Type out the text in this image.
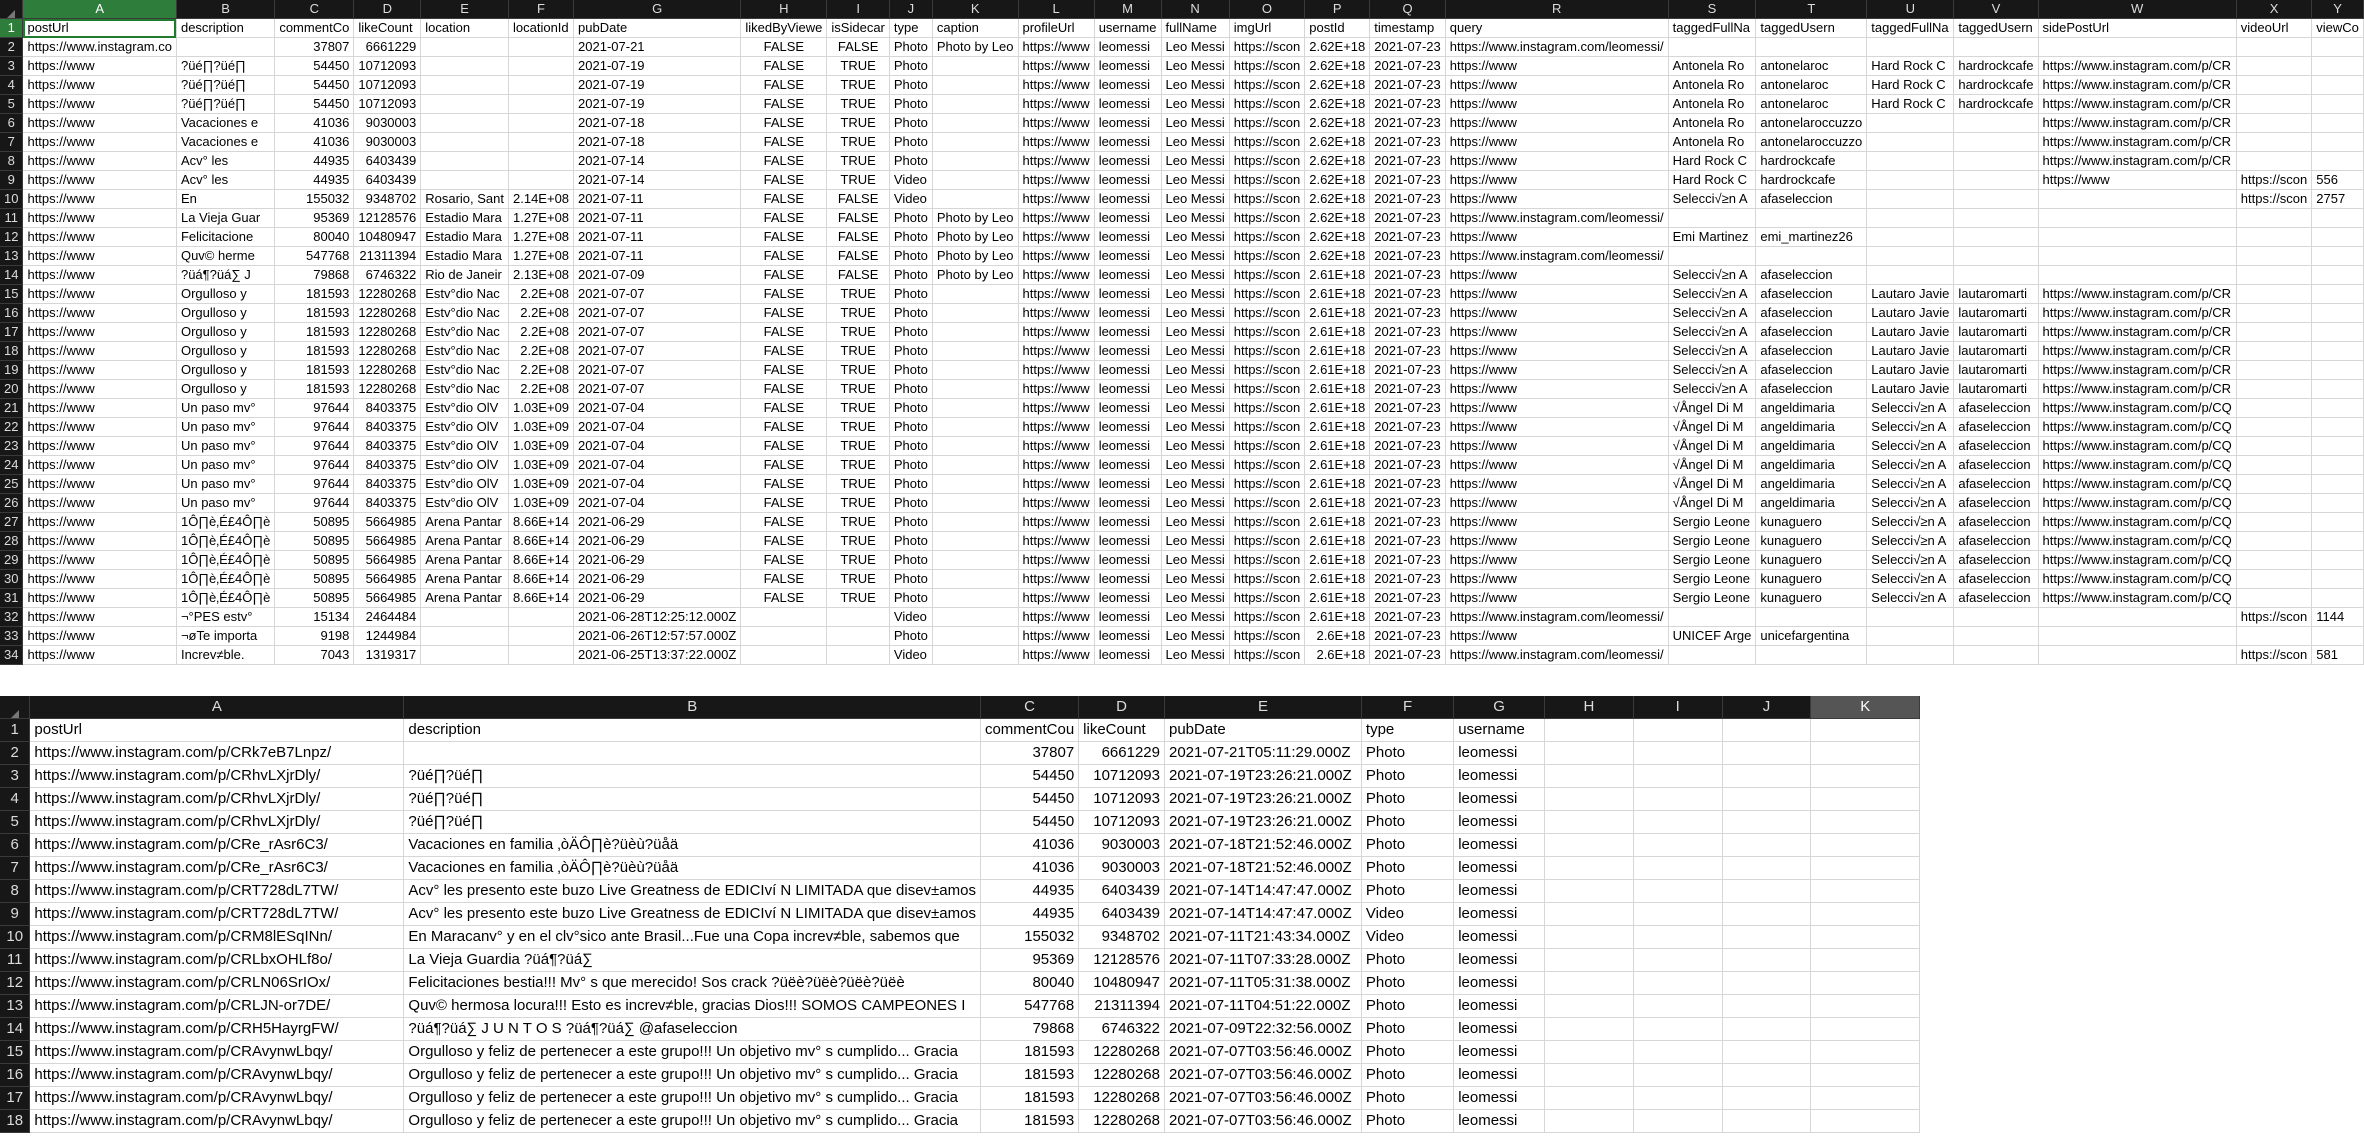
	A	B	C	D	E	F	G	H	I	J	K	L	M	N	O	P	Q	R	S	T	U	V	W	X	Y
1	postUrl	description	commentCo	likeCount	location	locationId	pubDate	likedByViewe	isSidecar	type	caption	profileUrl	username	fullName	imgUrl	postId	timestamp	query	taggedFullNa	taggedUsern	taggedFullNa	taggedUsern	sidePostUrl	videoUrl	viewCo
2	https://www.instagram.co		37807	6661229			2021-07-21	FALSE	FALSE	Photo	Photo by Leo	https://www	leomessi	Leo Messi	https://scon	2.62E+18	2021-07-23	https://www.instagram.com/leomessi/							
3	https://www	?üé∏?üé∏	54450	10712093			2021-07-19	FALSE	TRUE	Photo		https://www	leomessi	Leo Messi	https://scon	2.62E+18	2021-07-23	https://www	Antonela Ro	antonelaroc	Hard Rock C	hardrockcafe	https://www.instagram.com/p/CR		
4	https://www	?üé∏?üé∏	54450	10712093			2021-07-19	FALSE	TRUE	Photo		https://www	leomessi	Leo Messi	https://scon	2.62E+18	2021-07-23	https://www	Antonela Ro	antonelaroc	Hard Rock C	hardrockcafe	https://www.instagram.com/p/CR		
5	https://www	?üé∏?üé∏	54450	10712093			2021-07-19	FALSE	TRUE	Photo		https://www	leomessi	Leo Messi	https://scon	2.62E+18	2021-07-23	https://www	Antonela Ro	antonelaroc	Hard Rock C	hardrockcafe	https://www.instagram.com/p/CR		
6	https://www	Vacaciones e	41036	9030003			2021-07-18	FALSE	TRUE	Photo		https://www	leomessi	Leo Messi	https://scon	2.62E+18	2021-07-23	https://www	Antonela Ro	antonelaroccuzzo			https://www.instagram.com/p/CR		
7	https://www	Vacaciones e	41036	9030003			2021-07-18	FALSE	TRUE	Photo		https://www	leomessi	Leo Messi	https://scon	2.62E+18	2021-07-23	https://www	Antonela Ro	antonelaroccuzzo			https://www.instagram.com/p/CR		
8	https://www	Acv° les	44935	6403439			2021-07-14	FALSE	TRUE	Photo		https://www	leomessi	Leo Messi	https://scon	2.62E+18	2021-07-23	https://www	Hard Rock C	hardrockcafe			https://www.instagram.com/p/CR		
9	https://www	Acv° les	44935	6403439			2021-07-14	FALSE	TRUE	Video		https://www	leomessi	Leo Messi	https://scon	2.62E+18	2021-07-23	https://www	Hard Rock C	hardrockcafe			https://www	https://scon	556
10	https://www	En	155032	9348702	Rosario, Sant	2.14E+08	2021-07-11	FALSE	FALSE	Video		https://www	leomessi	Leo Messi	https://scon	2.62E+18	2021-07-23	https://www	Selecci√≥n A	afaseleccion				https://scon	2757
11	https://www	La Vieja Guar	95369	12128576	Estadio Mara	1.27E+08	2021-07-11	FALSE	FALSE	Photo	Photo by Leo	https://www	leomessi	Leo Messi	https://scon	2.62E+18	2021-07-23	https://www.instagram.com/leomessi/							
12	https://www	Felicitacione	80040	10480947	Estadio Mara	1.27E+08	2021-07-11	FALSE	FALSE	Photo	Photo by Leo	https://www	leomessi	Leo Messi	https://scon	2.62E+18	2021-07-23	https://www	Emi Martinez	emi_martinez26					
13	https://www	Quv© herme	547768	21311394	Estadio Mara	1.27E+08	2021-07-11	FALSE	FALSE	Photo	Photo by Leo	https://www	leomessi	Leo Messi	https://scon	2.62E+18	2021-07-23	https://www.instagram.com/leomessi/							
14	https://www	?üá¶?üá∑ J	79868	6746322	Rio de Janeir	2.13E+08	2021-07-09	FALSE	FALSE	Photo	Photo by Leo	https://www	leomessi	Leo Messi	https://scon	2.61E+18	2021-07-23	https://www	Selecci√≥n A	afaseleccion					
15	https://www	Orgulloso y	181593	12280268	Estv°dio Nac	2.2E+08	2021-07-07	FALSE	TRUE	Photo		https://www	leomessi	Leo Messi	https://scon	2.61E+18	2021-07-23	https://www	Selecci√≥n A	afaseleccion	Lautaro Javie	lautaromarti	https://www.instagram.com/p/CR		
16	https://www	Orgulloso y	181593	12280268	Estv°dio Nac	2.2E+08	2021-07-07	FALSE	TRUE	Photo		https://www	leomessi	Leo Messi	https://scon	2.61E+18	2021-07-23	https://www	Selecci√≥n A	afaseleccion	Lautaro Javie	lautaromarti	https://www.instagram.com/p/CR		
17	https://www	Orgulloso y	181593	12280268	Estv°dio Nac	2.2E+08	2021-07-07	FALSE	TRUE	Photo		https://www	leomessi	Leo Messi	https://scon	2.61E+18	2021-07-23	https://www	Selecci√≥n A	afaseleccion	Lautaro Javie	lautaromarti	https://www.instagram.com/p/CR		
18	https://www	Orgulloso y	181593	12280268	Estv°dio Nac	2.2E+08	2021-07-07	FALSE	TRUE	Photo		https://www	leomessi	Leo Messi	https://scon	2.61E+18	2021-07-23	https://www	Selecci√≥n A	afaseleccion	Lautaro Javie	lautaromarti	https://www.instagram.com/p/CR		
19	https://www	Orgulloso y	181593	12280268	Estv°dio Nac	2.2E+08	2021-07-07	FALSE	TRUE	Photo		https://www	leomessi	Leo Messi	https://scon	2.61E+18	2021-07-23	https://www	Selecci√≥n A	afaseleccion	Lautaro Javie	lautaromarti	https://www.instagram.com/p/CR		
20	https://www	Orgulloso y	181593	12280268	Estv°dio Nac	2.2E+08	2021-07-07	FALSE	TRUE	Photo		https://www	leomessi	Leo Messi	https://scon	2.61E+18	2021-07-23	https://www	Selecci√≥n A	afaseleccion	Lautaro Javie	lautaromarti	https://www.instagram.com/p/CR		
21	https://www	Un paso mv°	97644	8403375	Estv°dio OlV	1.03E+09	2021-07-04	FALSE	TRUE	Photo		https://www	leomessi	Leo Messi	https://scon	2.61E+18	2021-07-23	https://www	√Ångel Di M	angeldimaria	Selecci√≥n A	afaseleccion	https://www.instagram.com/p/CQ		
22	https://www	Un paso mv°	97644	8403375	Estv°dio OlV	1.03E+09	2021-07-04	FALSE	TRUE	Photo		https://www	leomessi	Leo Messi	https://scon	2.61E+18	2021-07-23	https://www	√Ångel Di M	angeldimaria	Selecci√≥n A	afaseleccion	https://www.instagram.com/p/CQ		
23	https://www	Un paso mv°	97644	8403375	Estv°dio OlV	1.03E+09	2021-07-04	FALSE	TRUE	Photo		https://www	leomessi	Leo Messi	https://scon	2.61E+18	2021-07-23	https://www	√Ångel Di M	angeldimaria	Selecci√≥n A	afaseleccion	https://www.instagram.com/p/CQ		
24	https://www	Un paso mv°	97644	8403375	Estv°dio OlV	1.03E+09	2021-07-04	FALSE	TRUE	Photo		https://www	leomessi	Leo Messi	https://scon	2.61E+18	2021-07-23	https://www	√Ångel Di M	angeldimaria	Selecci√≥n A	afaseleccion	https://www.instagram.com/p/CQ		
25	https://www	Un paso mv°	97644	8403375	Estv°dio OlV	1.03E+09	2021-07-04	FALSE	TRUE	Photo		https://www	leomessi	Leo Messi	https://scon	2.61E+18	2021-07-23	https://www	√Ångel Di M	angeldimaria	Selecci√≥n A	afaseleccion	https://www.instagram.com/p/CQ		
26	https://www	Un paso mv°	97644	8403375	Estv°dio OlV	1.03E+09	2021-07-04	FALSE	TRUE	Photo		https://www	leomessi	Leo Messi	https://scon	2.61E+18	2021-07-23	https://www	√Ångel Di M	angeldimaria	Selecci√≥n A	afaseleccion	https://www.instagram.com/p/CQ		
27	https://www	1Ô∏è‚É£4Ô∏è	50895	5664985	Arena Pantar	8.66E+14	2021-06-29	FALSE	TRUE	Photo		https://www	leomessi	Leo Messi	https://scon	2.61E+18	2021-07-23	https://www	Sergio Leone	kunaguero	Selecci√≥n A	afaseleccion	https://www.instagram.com/p/CQ		
28	https://www	1Ô∏è‚É£4Ô∏è	50895	5664985	Arena Pantar	8.66E+14	2021-06-29	FALSE	TRUE	Photo		https://www	leomessi	Leo Messi	https://scon	2.61E+18	2021-07-23	https://www	Sergio Leone	kunaguero	Selecci√≥n A	afaseleccion	https://www.instagram.com/p/CQ		
29	https://www	1Ô∏è‚É£4Ô∏è	50895	5664985	Arena Pantar	8.66E+14	2021-06-29	FALSE	TRUE	Photo		https://www	leomessi	Leo Messi	https://scon	2.61E+18	2021-07-23	https://www	Sergio Leone	kunaguero	Selecci√≥n A	afaseleccion	https://www.instagram.com/p/CQ		
30	https://www	1Ô∏è‚É£4Ô∏è	50895	5664985	Arena Pantar	8.66E+14	2021-06-29	FALSE	TRUE	Photo		https://www	leomessi	Leo Messi	https://scon	2.61E+18	2021-07-23	https://www	Sergio Leone	kunaguero	Selecci√≥n A	afaseleccion	https://www.instagram.com/p/CQ		
31	https://www	1Ô∏è‚É£4Ô∏è	50895	5664985	Arena Pantar	8.66E+14	2021-06-29	FALSE	TRUE	Photo		https://www	leomessi	Leo Messi	https://scon	2.61E+18	2021-07-23	https://www	Sergio Leone	kunaguero	Selecci√≥n A	afaseleccion	https://www.instagram.com/p/CQ		
32	https://www	¬°PES estv°	15134	2464484			2021-06-28T12:25:12.000Z			Video		https://www	leomessi	Leo Messi	https://scon	2.61E+18	2021-07-23	https://www.instagram.com/leomessi/						https://scon	1144
33	https://www	¬øTe importa	9198	1244984			2021-06-26T12:57:57.000Z			Photo		https://www	leomessi	Leo Messi	https://scon	2.6E+18	2021-07-23	https://www	UNICEF Arge	unicefargentina					
34	https://www	Increv≠ble.	7043	1319317			2021-06-25T13:37:22.000Z			Video		https://www	leomessi	Leo Messi	https://scon	2.6E+18	2021-07-23	https://www.instagram.com/leomessi/						https://scon	581
	A	B	C	D	E	F	G	H	I	J	K
1	postUrl	description	commentCou	likeCount	pubDate	type	username				
2	https://www.instagram.com/p/CRk7eB7Lnpz/		37807	6661229	2021-07-21T05:11:29.000Z	Photo	leomessi				
3	https://www.instagram.com/p/CRhvLXjrDly/	?üé∏?üé∏	54450	10712093	2021-07-19T23:26:21.000Z	Photo	leomessi				
4	https://www.instagram.com/p/CRhvLXjrDly/	?üé∏?üé∏	54450	10712093	2021-07-19T23:26:21.000Z	Photo	leomessi				
5	https://www.instagram.com/p/CRhvLXjrDly/	?üé∏?üé∏	54450	10712093	2021-07-19T23:26:21.000Z	Photo	leomessi				
6	https://www.instagram.com/p/CRe_rAsr6C3/	Vacaciones en familia ‚òÄÔ∏è?üèù?üåä	41036	9030003	2021-07-18T21:52:46.000Z	Photo	leomessi				
7	https://www.instagram.com/p/CRe_rAsr6C3/	Vacaciones en familia ‚òÄÔ∏è?üèù?üåä	41036	9030003	2021-07-18T21:52:46.000Z	Photo	leomessi				
8	https://www.instagram.com/p/CRT728dL7TW/	Acv° les presento este buzo Live Greatness de EDICIví N LIMITADA que disev±amos	44935	6403439	2021-07-14T14:47:47.000Z	Photo	leomessi				
9	https://www.instagram.com/p/CRT728dL7TW/	Acv° les presento este buzo Live Greatness de EDICIví N LIMITADA que disev±amos	44935	6403439	2021-07-14T14:47:47.000Z	Video	leomessi				
10	https://www.instagram.com/p/CRM8lESqINn/	En Maracanv° y en el clv°sico ante Brasil...Fue una Copa increv≠ble, sabemos que	155032	9348702	2021-07-11T21:43:34.000Z	Video	leomessi				
11	https://www.instagram.com/p/CRLbxOHLf8o/	La Vieja Guardia ?üá¶?üá∑	95369	12128576	2021-07-11T07:33:28.000Z	Photo	leomessi				
12	https://www.instagram.com/p/CRLN06SrIOx/	Felicitaciones bestia!!! Mv° s que merecido! Sos crack ?üëè?üëè?üëè?üëè	80040	10480947	2021-07-11T05:31:38.000Z	Photo	leomessi				
13	https://www.instagram.com/p/CRLJN-or7DE/	Quv© hermosa locura!!! Esto es increv≠ble, gracias Dios!!! SOMOS CAMPEONES I	547768	21311394	2021-07-11T04:51:22.000Z	Photo	leomessi				
14	https://www.instagram.com/p/CRH5HayrgFW/	?üá¶?üá∑ J U N T O S ?üá¶?üá∑ @afaseleccion	79868	6746322	2021-07-09T22:32:56.000Z	Photo	leomessi				
15	https://www.instagram.com/p/CRAvynwLbqy/	Orgulloso y feliz de pertenecer a este grupo!!! Un objetivo mv° s cumplido... Gracia	181593	12280268	2021-07-07T03:56:46.000Z	Photo	leomessi				
16	https://www.instagram.com/p/CRAvynwLbqy/	Orgulloso y feliz de pertenecer a este grupo!!! Un objetivo mv° s cumplido... Gracia	181593	12280268	2021-07-07T03:56:46.000Z	Photo	leomessi				
17	https://www.instagram.com/p/CRAvynwLbqy/	Orgulloso y feliz de pertenecer a este grupo!!! Un objetivo mv° s cumplido... Gracia	181593	12280268	2021-07-07T03:56:46.000Z	Photo	leomessi				
18	https://www.instagram.com/p/CRAvynwLbqy/	Orgulloso y feliz de pertenecer a este grupo!!! Un objetivo mv° s cumplido... Gracia	181593	12280268	2021-07-07T03:56:46.000Z	Photo	leomessi				
